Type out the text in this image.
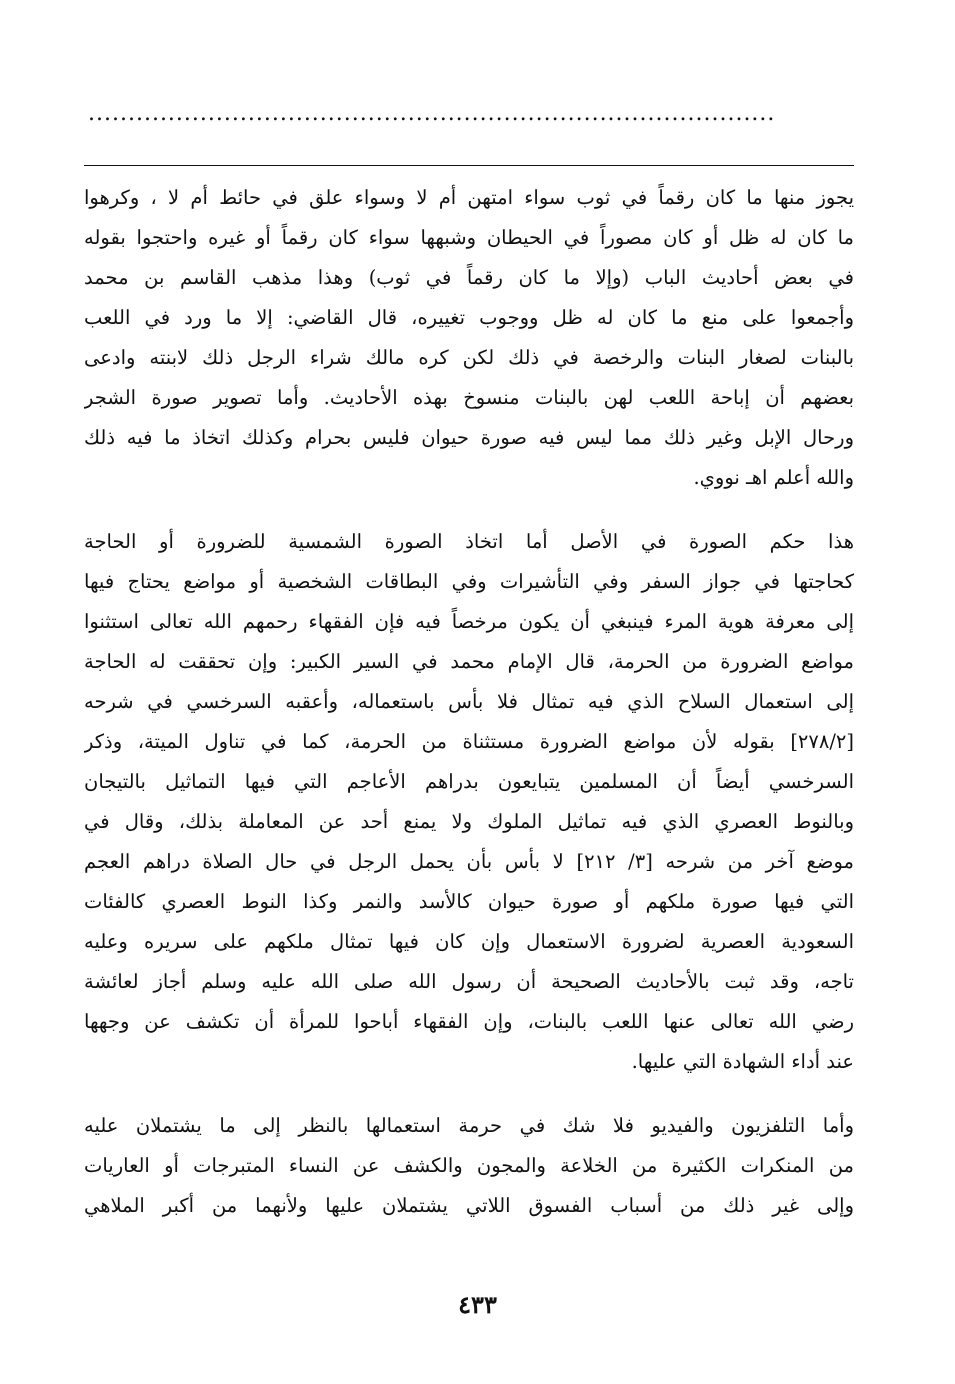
......................................................................................
يجوز منها ما كان رقماً في ثوب سواء امتهن أم لا وسواء علق في حائط أم لا ، وكرهوا
ما كان له ظل أو كان مصوراً في الحيطان وشبهها سواء كان رقماً أو غيره واحتجوا بقوله
في بعض أحاديث الباب (وإلا ما كان رقماً في ثوب) وهذا مذهب القاسم بن محمد
وأجمعوا على منع ما كان له ظل ووجوب تغييره، قال القاضي: إلا ما ورد في اللعب
بالبنات لصغار البنات والرخصة في ذلك لكن كره مالك شراء الرجل ذلك لابنته وادعى
بعضهم أن إباحة اللعب لهن بالبنات منسوخ بهذه الأحاديث. وأما تصوير صورة الشجر
ورحال الإبل وغير ذلك مما ليس فيه صورة حيوان فليس بحرام وكذلك اتخاذ ما فيه ذلك
والله أعلم اهـ نووي.
هذا حكم الصورة في الأصل أما اتخاذ الصورة الشمسية للضرورة أو الحاجة
كحاجتها في جواز السفر وفي التأشيرات وفي البطاقات الشخصية أو مواضع يحتاج فيها
إلى معرفة هوية المرء فينبغي أن يكون مرخصاً فيه فإن الفقهاء رحمهم الله تعالى استثنوا
مواضع الضرورة من الحرمة، قال الإمام محمد في السير الكبير: وإن تحققت له الحاجة
إلى استعمال السلاح الذي فيه تمثال فلا بأس باستعماله، وأعقبه السرخسي في شرحه
[٢٧٨/٢] بقوله لأن مواضع الضرورة مستثناة من الحرمة، كما في تناول الميتة، وذكر
السرخسي أيضاً أن المسلمين يتبايعون بدراهم الأعاجم التي فيها التماثيل بالتيجان
وبالنوط العصري الذي فيه تماثيل الملوك ولا يمنع أحد عن المعاملة بذلك، وقال في
موضع آخر من شرحه [٣/ ٢١٢] لا بأس بأن يحمل الرجل في حال الصلاة دراهم العجم
التي فيها صورة ملكهم أو صورة حيوان كالأسد والنمر وكذا النوط العصري كالفئات
السعودية العصرية لضرورة الاستعمال وإن كان فيها تمثال ملكهم على سريره وعليه
تاجه، وقد ثبت بالأحاديث الصحيحة أن رسول الله صلى الله عليه وسلم أجاز لعائشة
رضي الله تعالى عنها اللعب بالبنات، وإن الفقهاء أباحوا للمرأة أن تكشف عن وجهها
عند أداء الشهادة التي عليها.
وأما التلفزيون والفيديو فلا شك في حرمة استعمالها بالنظر إلى ما يشتملان عليه
من المنكرات الكثيرة من الخلاعة والمجون والكشف عن النساء المتبرجات أو العاريات
وإلى غير ذلك من أسباب الفسوق اللاتي يشتملان عليها ولأنهما من أكبر الملاهي
٤٣٣
